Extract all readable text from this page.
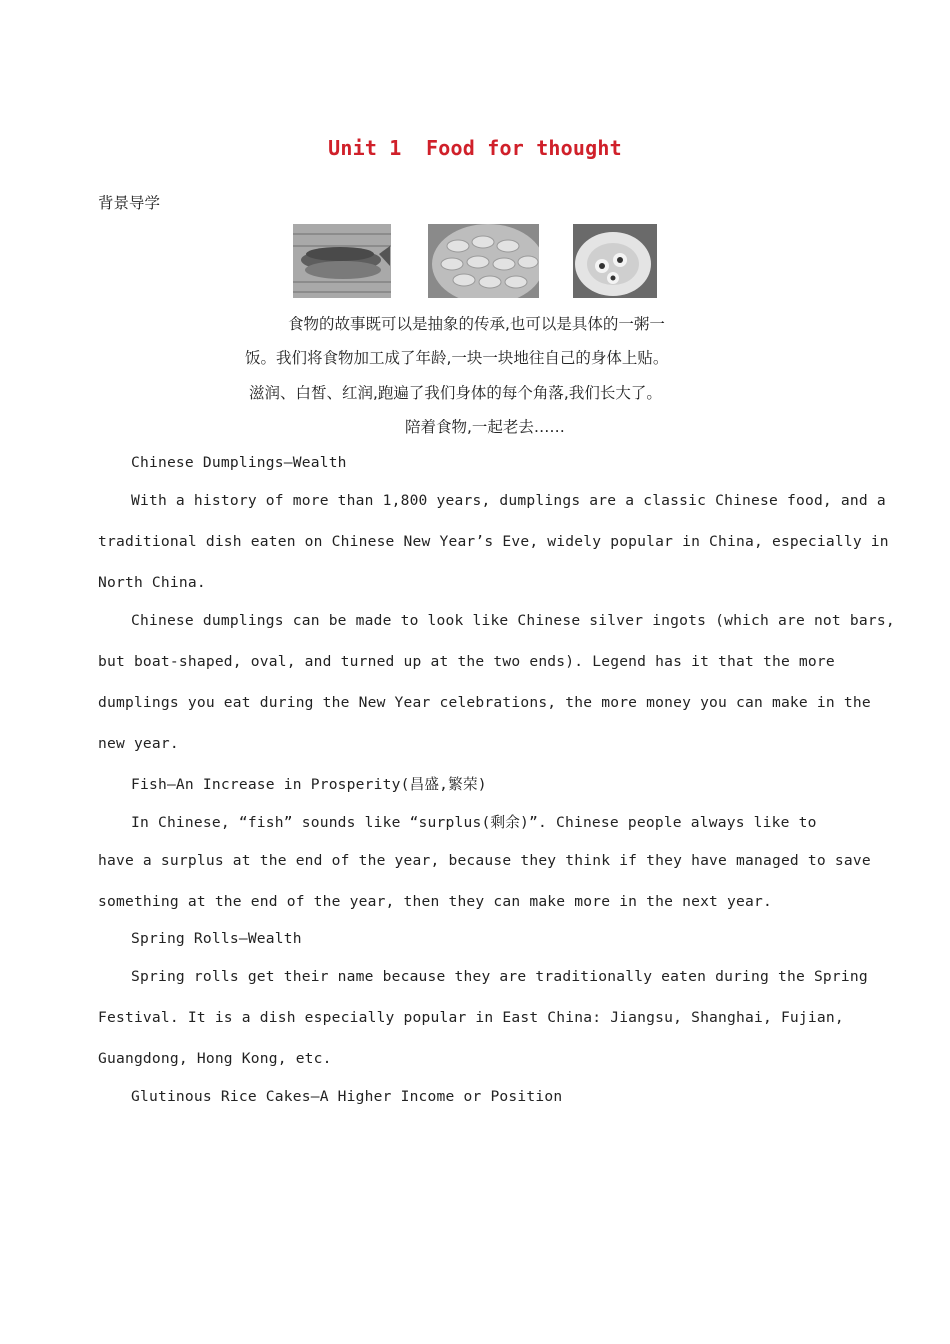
Unit 1  Food for thought
背景导学
食物的故事既可以是抽象的传承,也可以是具体的一粥一
饭。我们将食物加工成了年龄,一块一块地往自己的身体上贴。
滋润、白皙、红润,跑遍了我们身体的每个角落,我们长大了。
陪着食物,一起老去……
Chinese Dumplings—Wealth
With a history of more than 1,800 years, dumplings are a classic Chinese food, and a
traditional dish eaten on Chinese New Year’s Eve, widely popular in China, especially in
North China.
Chinese dumplings can be made to look like Chinese silver ingots (which are not bars,
but boat-shaped, oval, and turned up at the two ends). Legend has it that the more
dumplings you eat during the New Year celebrations, the more money you can make in the
new year.
Fish—An Increase in Prosperity(昌盛,繁荣)
In Chinese, “fish” sounds like “surplus(剩余)”. Chinese people always like to
have a surplus at the end of the year, because they think if they have managed to save
something at the end of the year, then they can make more in the next year.
Spring Rolls—Wealth
Spring rolls get their name because they are traditionally eaten during the Spring
Festival. It is a dish especially popular in East China: Jiangsu, Shanghai, Fujian,
Guangdong, Hong Kong, etc.
Glutinous Rice Cakes—A Higher Income or Position
